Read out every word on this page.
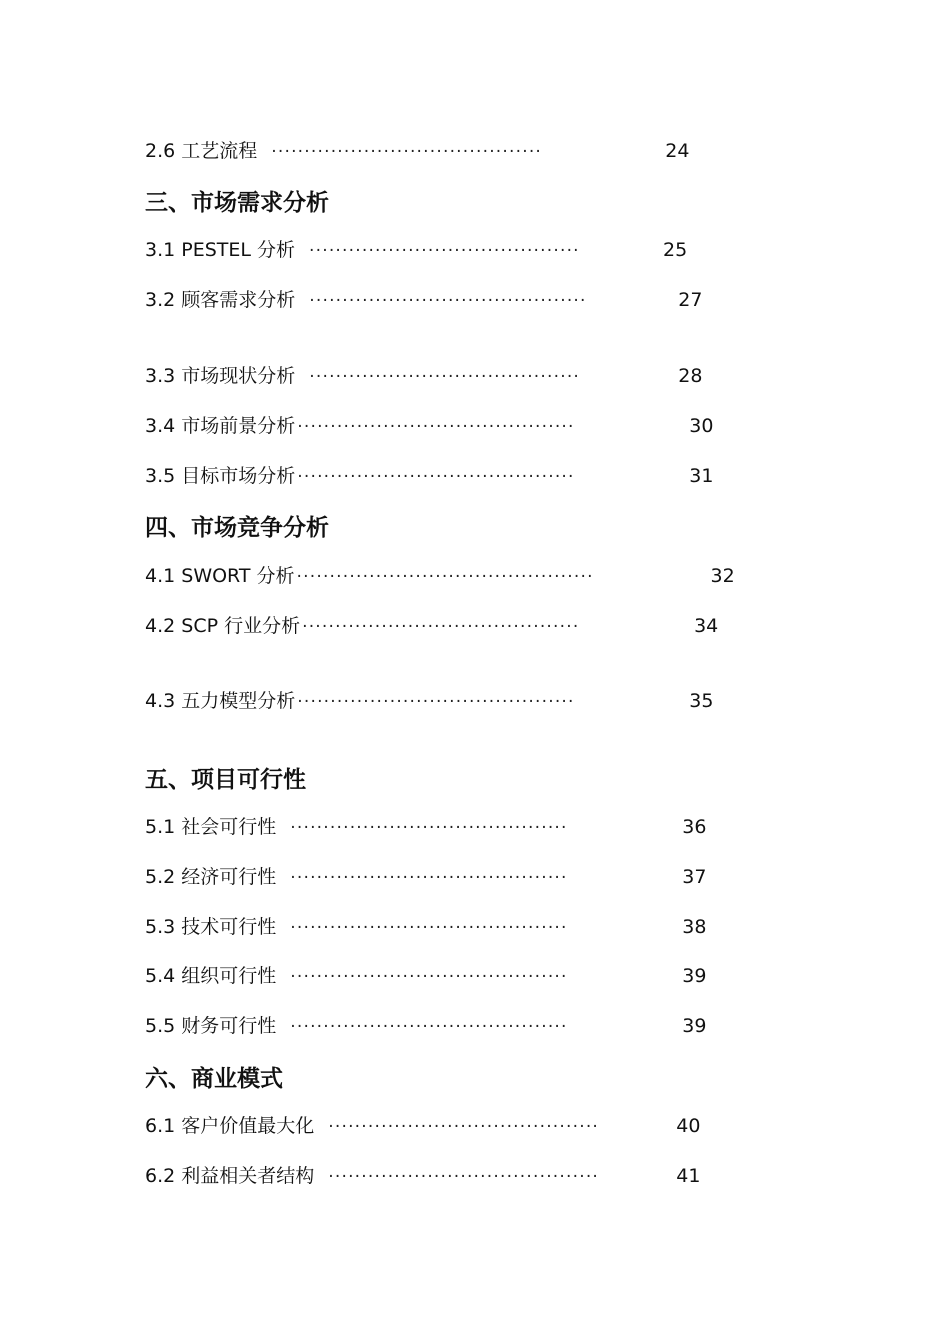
2.6 工艺流程 ·········································	24
三、市场需求分析
3.1 PESTEL 分析 ·········································	25
3.2 顾客需求分析 ··········································	27
3.3 市场现状分析 ·········································	28
3.4 市场前景分析 ··········································	30
3.5 目标市场分析 ··········································	31
四、市场竞争分析
4.1 SWORT 分析 ·············································	32
4.2 SCP 行业分析 ··········································	34
4.3 五力模型分析 ··········································	35
五、项目可行性
5.1 社会可行性 ··········································	36
5.2 经济可行性 ··········································	37
5.3 技术可行性 ··········································	38
5.4 组织可行性 ··········································	39
5.5 财务可行性 ··········································	39
六、商业模式
6.1 客户价值最大化 ·········································	40
6.2 利益相关者结构 ·········································	41
